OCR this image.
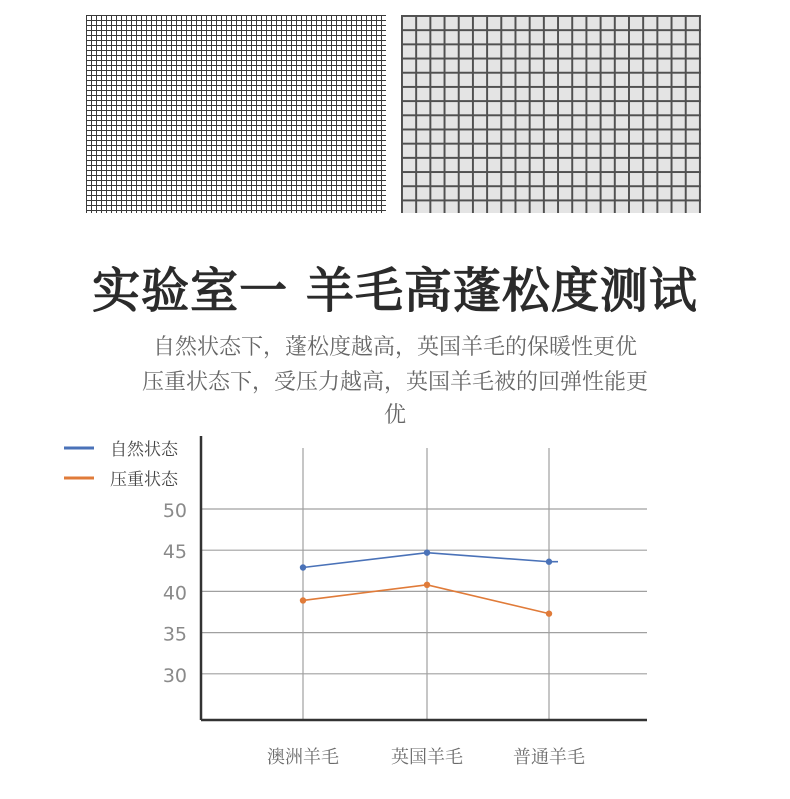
实验室一 羊毛高蓬松度测试
自然状态下，蓬松度越高，英国羊毛的保暖性更优
压重状态下，受压力越高，英国羊毛被的回弹性能更
优
30
35
40
45
50
澳洲羊毛	英国羊毛	普通羊毛
自然状态
压重状态
